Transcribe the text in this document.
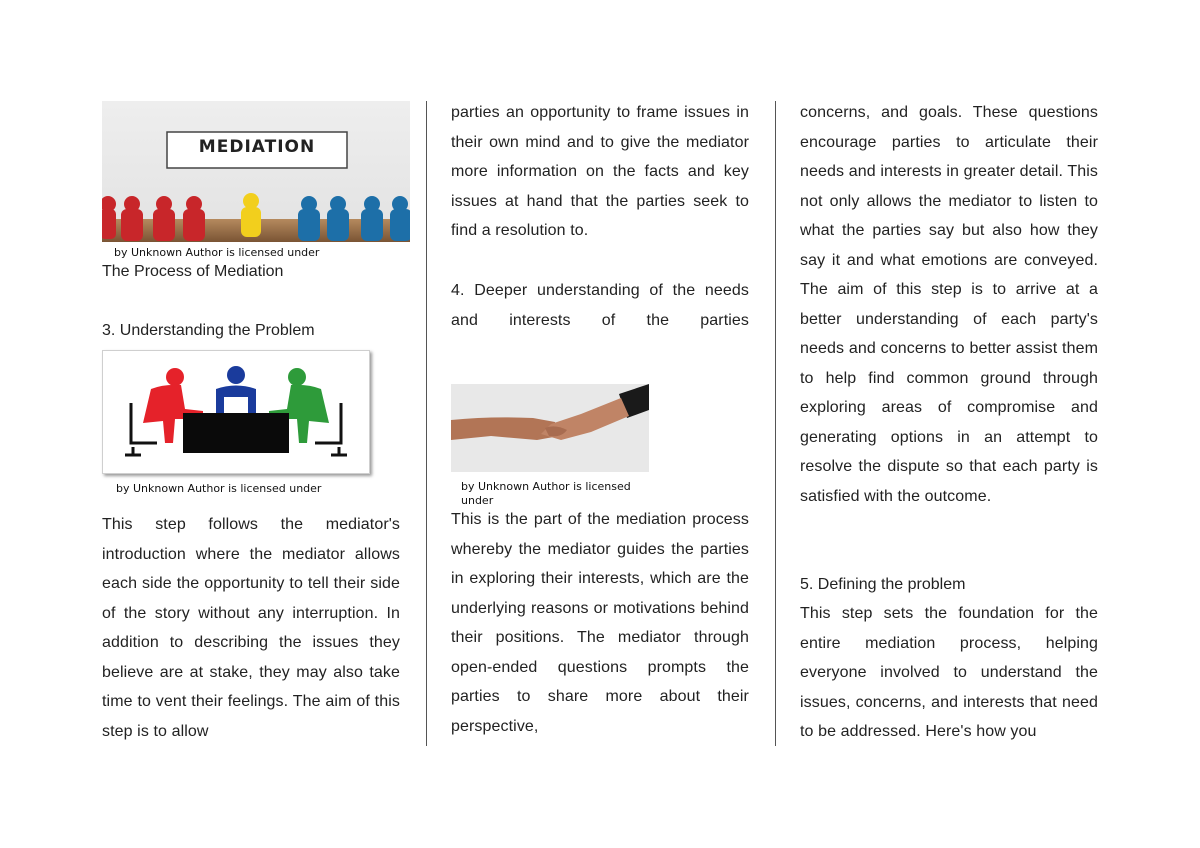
MEDIATION

by Unknown Author is licensed under

The Process of Mediation

3. Understanding the Problem

by Unknown Author is licensed under

This step follows the mediator's introduction where the mediator allows each side the opportunity to tell their side of the story without any interruption. In addition to describing the issues they believe are at stake, they may also take time to vent their feelings. The aim of this step is to allow

parties an opportunity to frame issues in their own mind and to give the mediator more information on the facts and key issues at hand that the parties seek to find a resolution to.

4. Deeper understanding of the needs and interests of the parties

by Unknown Author is licensed under

This is the part of the mediation process whereby the mediator guides the parties in exploring their interests, which are the underlying reasons or motivations behind their positions. The mediator through open-ended questions prompts the parties to share more about their perspective,

concerns, and goals. These questions encourage parties to articulate their needs and interests in greater detail. This not only allows the mediator to listen to what the parties say but also how they say it and what emotions are conveyed. The aim of this step is to arrive at a better understanding of each party's needs and concerns to better assist them to help find common ground through exploring areas of compromise and generating options in an attempt to resolve the dispute so that each party is satisfied with the outcome.

5. Defining the problem

This step sets the foundation for the entire mediation process, helping everyone involved to understand the issues, concerns, and interests that need to be addressed. Here's how you
